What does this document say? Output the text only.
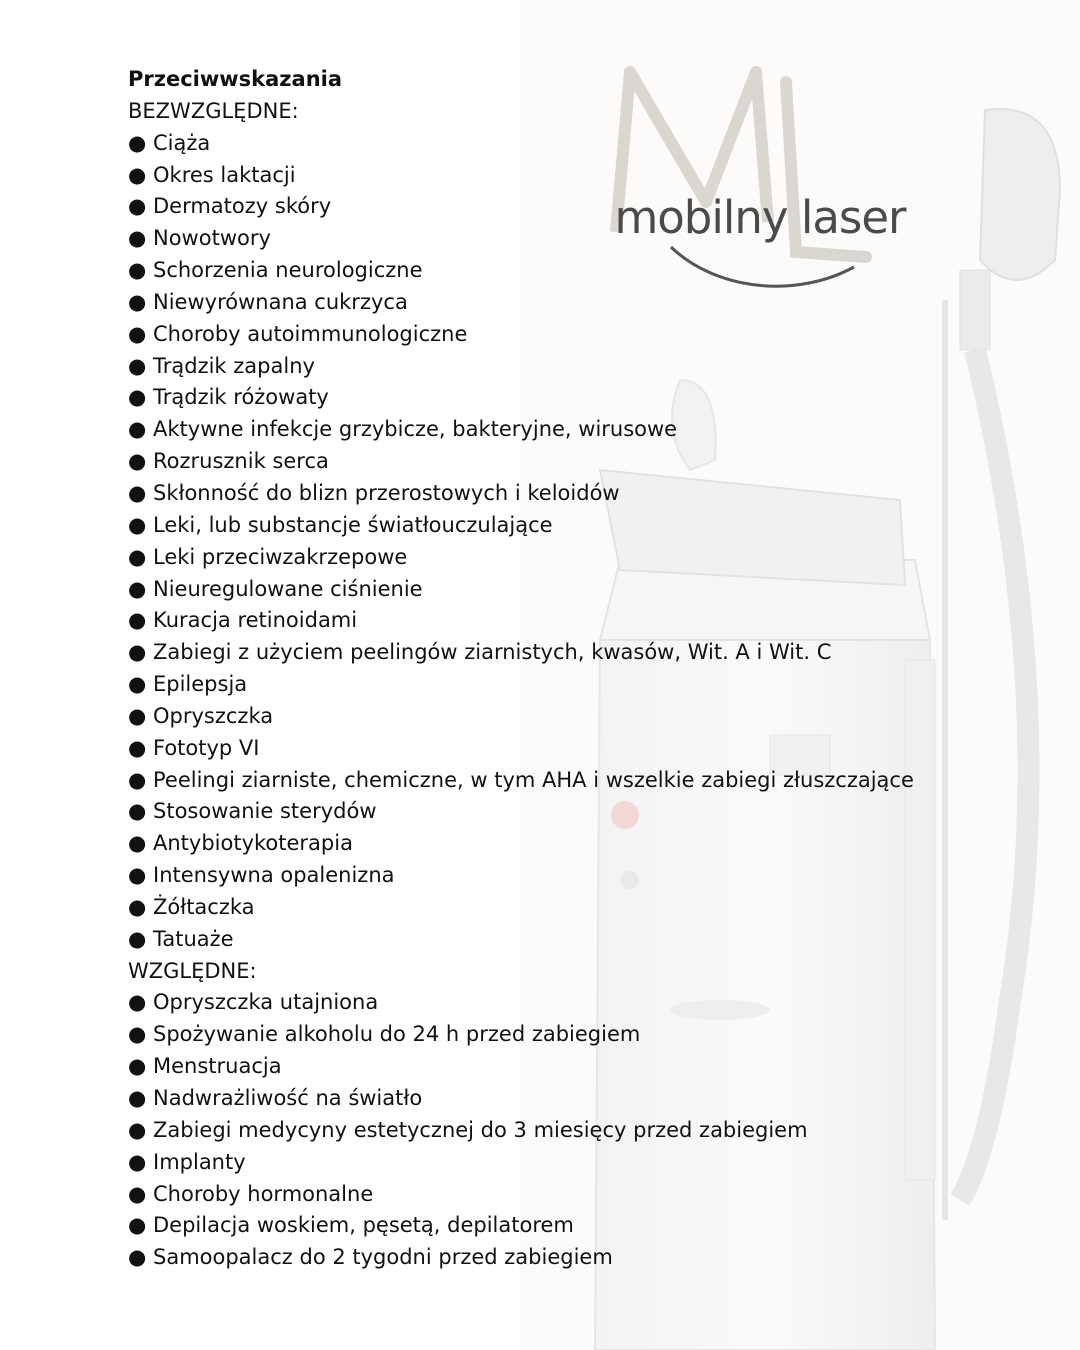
mobilny laser
Przeciwwskazania
BEZWZGLĘDNE:
● Ciąża
● Okres laktacji
● Dermatozy skóry
● Nowotwory
● Schorzenia neurologiczne
● Niewyrównana cukrzyca
● Choroby autoimmunologiczne
● Trądzik zapalny
● Trądzik różowaty
● Aktywne infekcje grzybicze, bakteryjne, wirusowe
● Rozrusznik serca
● Skłonność do blizn przerostowych i keloidów
● Leki, lub substancje światłouczulające
● Leki przeciwzakrzepowe
● Nieuregulowane ciśnienie
● Kuracja retinoidami
● Zabiegi z użyciem peelingów ziarnistych, kwasów, Wit. A i Wit. C
● Epilepsja
● Opryszczka
● Fototyp VI
● Peelingi ziarniste, chemiczne, w tym AHA i wszelkie zabiegi złuszczające
● Stosowanie sterydów
● Antybiotykoterapia
● Intensywna opalenizna
● Żółtaczka
● Tatuaże
WZGLĘDNE:
● Opryszczka utajniona
● Spożywanie alkoholu do 24 h przed zabiegiem
● Menstruacja
● Nadwrażliwość na światło
● Zabiegi medycyny estetycznej do 3 miesięcy przed zabiegiem
● Implanty
● Choroby hormonalne
● Depilacja woskiem, pęsetą, depilatorem
● Samoopalacz do 2 tygodni przed zabiegiem
